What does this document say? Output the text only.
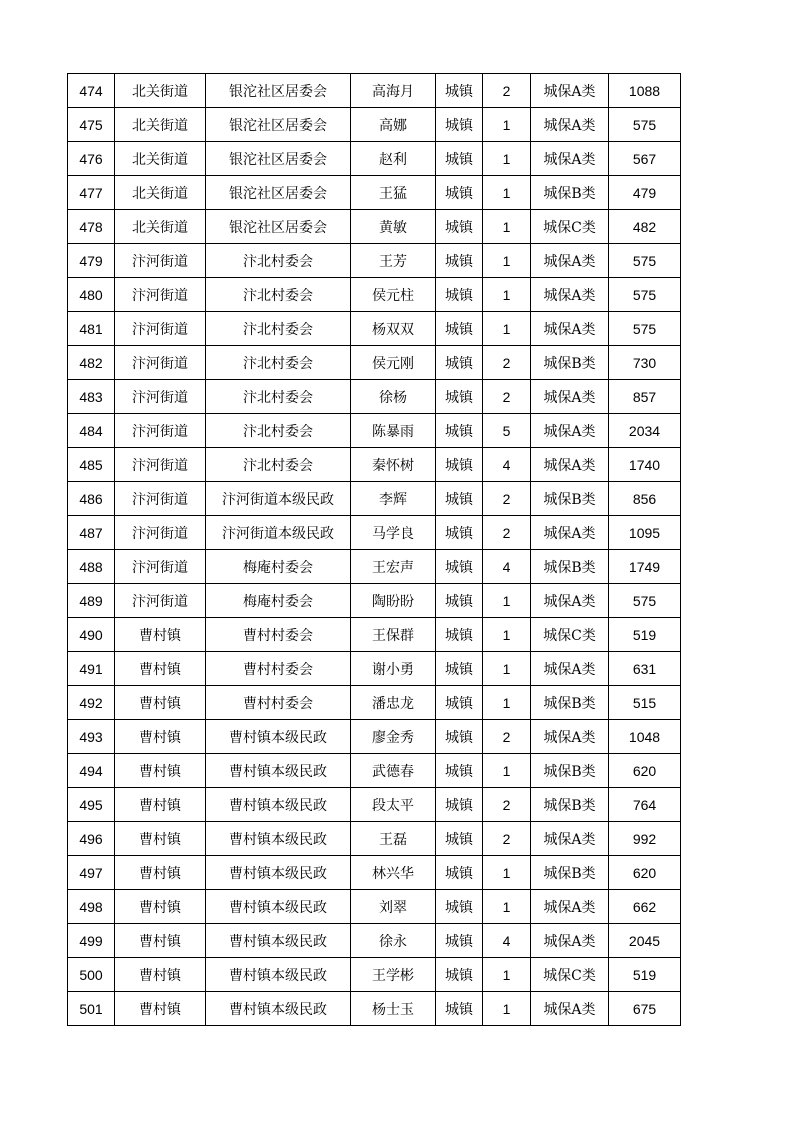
474	北关街道	银沱社区居委会	高海月	城镇	2	城保A类	1088
475	北关街道	银沱社区居委会	高娜	城镇	1	城保A类	575
476	北关街道	银沱社区居委会	赵利	城镇	1	城保A类	567
477	北关街道	银沱社区居委会	王猛	城镇	1	城保B类	479
478	北关街道	银沱社区居委会	黄敏	城镇	1	城保C类	482
479	汴河街道	汴北村委会	王芳	城镇	1	城保A类	575
480	汴河街道	汴北村委会	侯元柱	城镇	1	城保A类	575
481	汴河街道	汴北村委会	杨双双	城镇	1	城保A类	575
482	汴河街道	汴北村委会	侯元刚	城镇	2	城保B类	730
483	汴河街道	汴北村委会	徐杨	城镇	2	城保A类	857
484	汴河街道	汴北村委会	陈暴雨	城镇	5	城保A类	2034
485	汴河街道	汴北村委会	秦怀树	城镇	4	城保A类	1740
486	汴河街道	汴河街道本级民政	李辉	城镇	2	城保B类	856
487	汴河街道	汴河街道本级民政	马学良	城镇	2	城保A类	1095
488	汴河街道	梅庵村委会	王宏声	城镇	4	城保B类	1749
489	汴河街道	梅庵村委会	陶盼盼	城镇	1	城保A类	575
490	曹村镇	曹村村委会	王保群	城镇	1	城保C类	519
491	曹村镇	曹村村委会	谢小勇	城镇	1	城保A类	631
492	曹村镇	曹村村委会	潘忠龙	城镇	1	城保B类	515
493	曹村镇	曹村镇本级民政	廖金秀	城镇	2	城保A类	1048
494	曹村镇	曹村镇本级民政	武德春	城镇	1	城保B类	620
495	曹村镇	曹村镇本级民政	段太平	城镇	2	城保B类	764
496	曹村镇	曹村镇本级民政	王磊	城镇	2	城保A类	992
497	曹村镇	曹村镇本级民政	林兴华	城镇	1	城保B类	620
498	曹村镇	曹村镇本级民政	刘翠	城镇	1	城保A类	662
499	曹村镇	曹村镇本级民政	徐永	城镇	4	城保A类	2045
500	曹村镇	曹村镇本级民政	王学彬	城镇	1	城保C类	519
501	曹村镇	曹村镇本级民政	杨士玉	城镇	1	城保A类	675
